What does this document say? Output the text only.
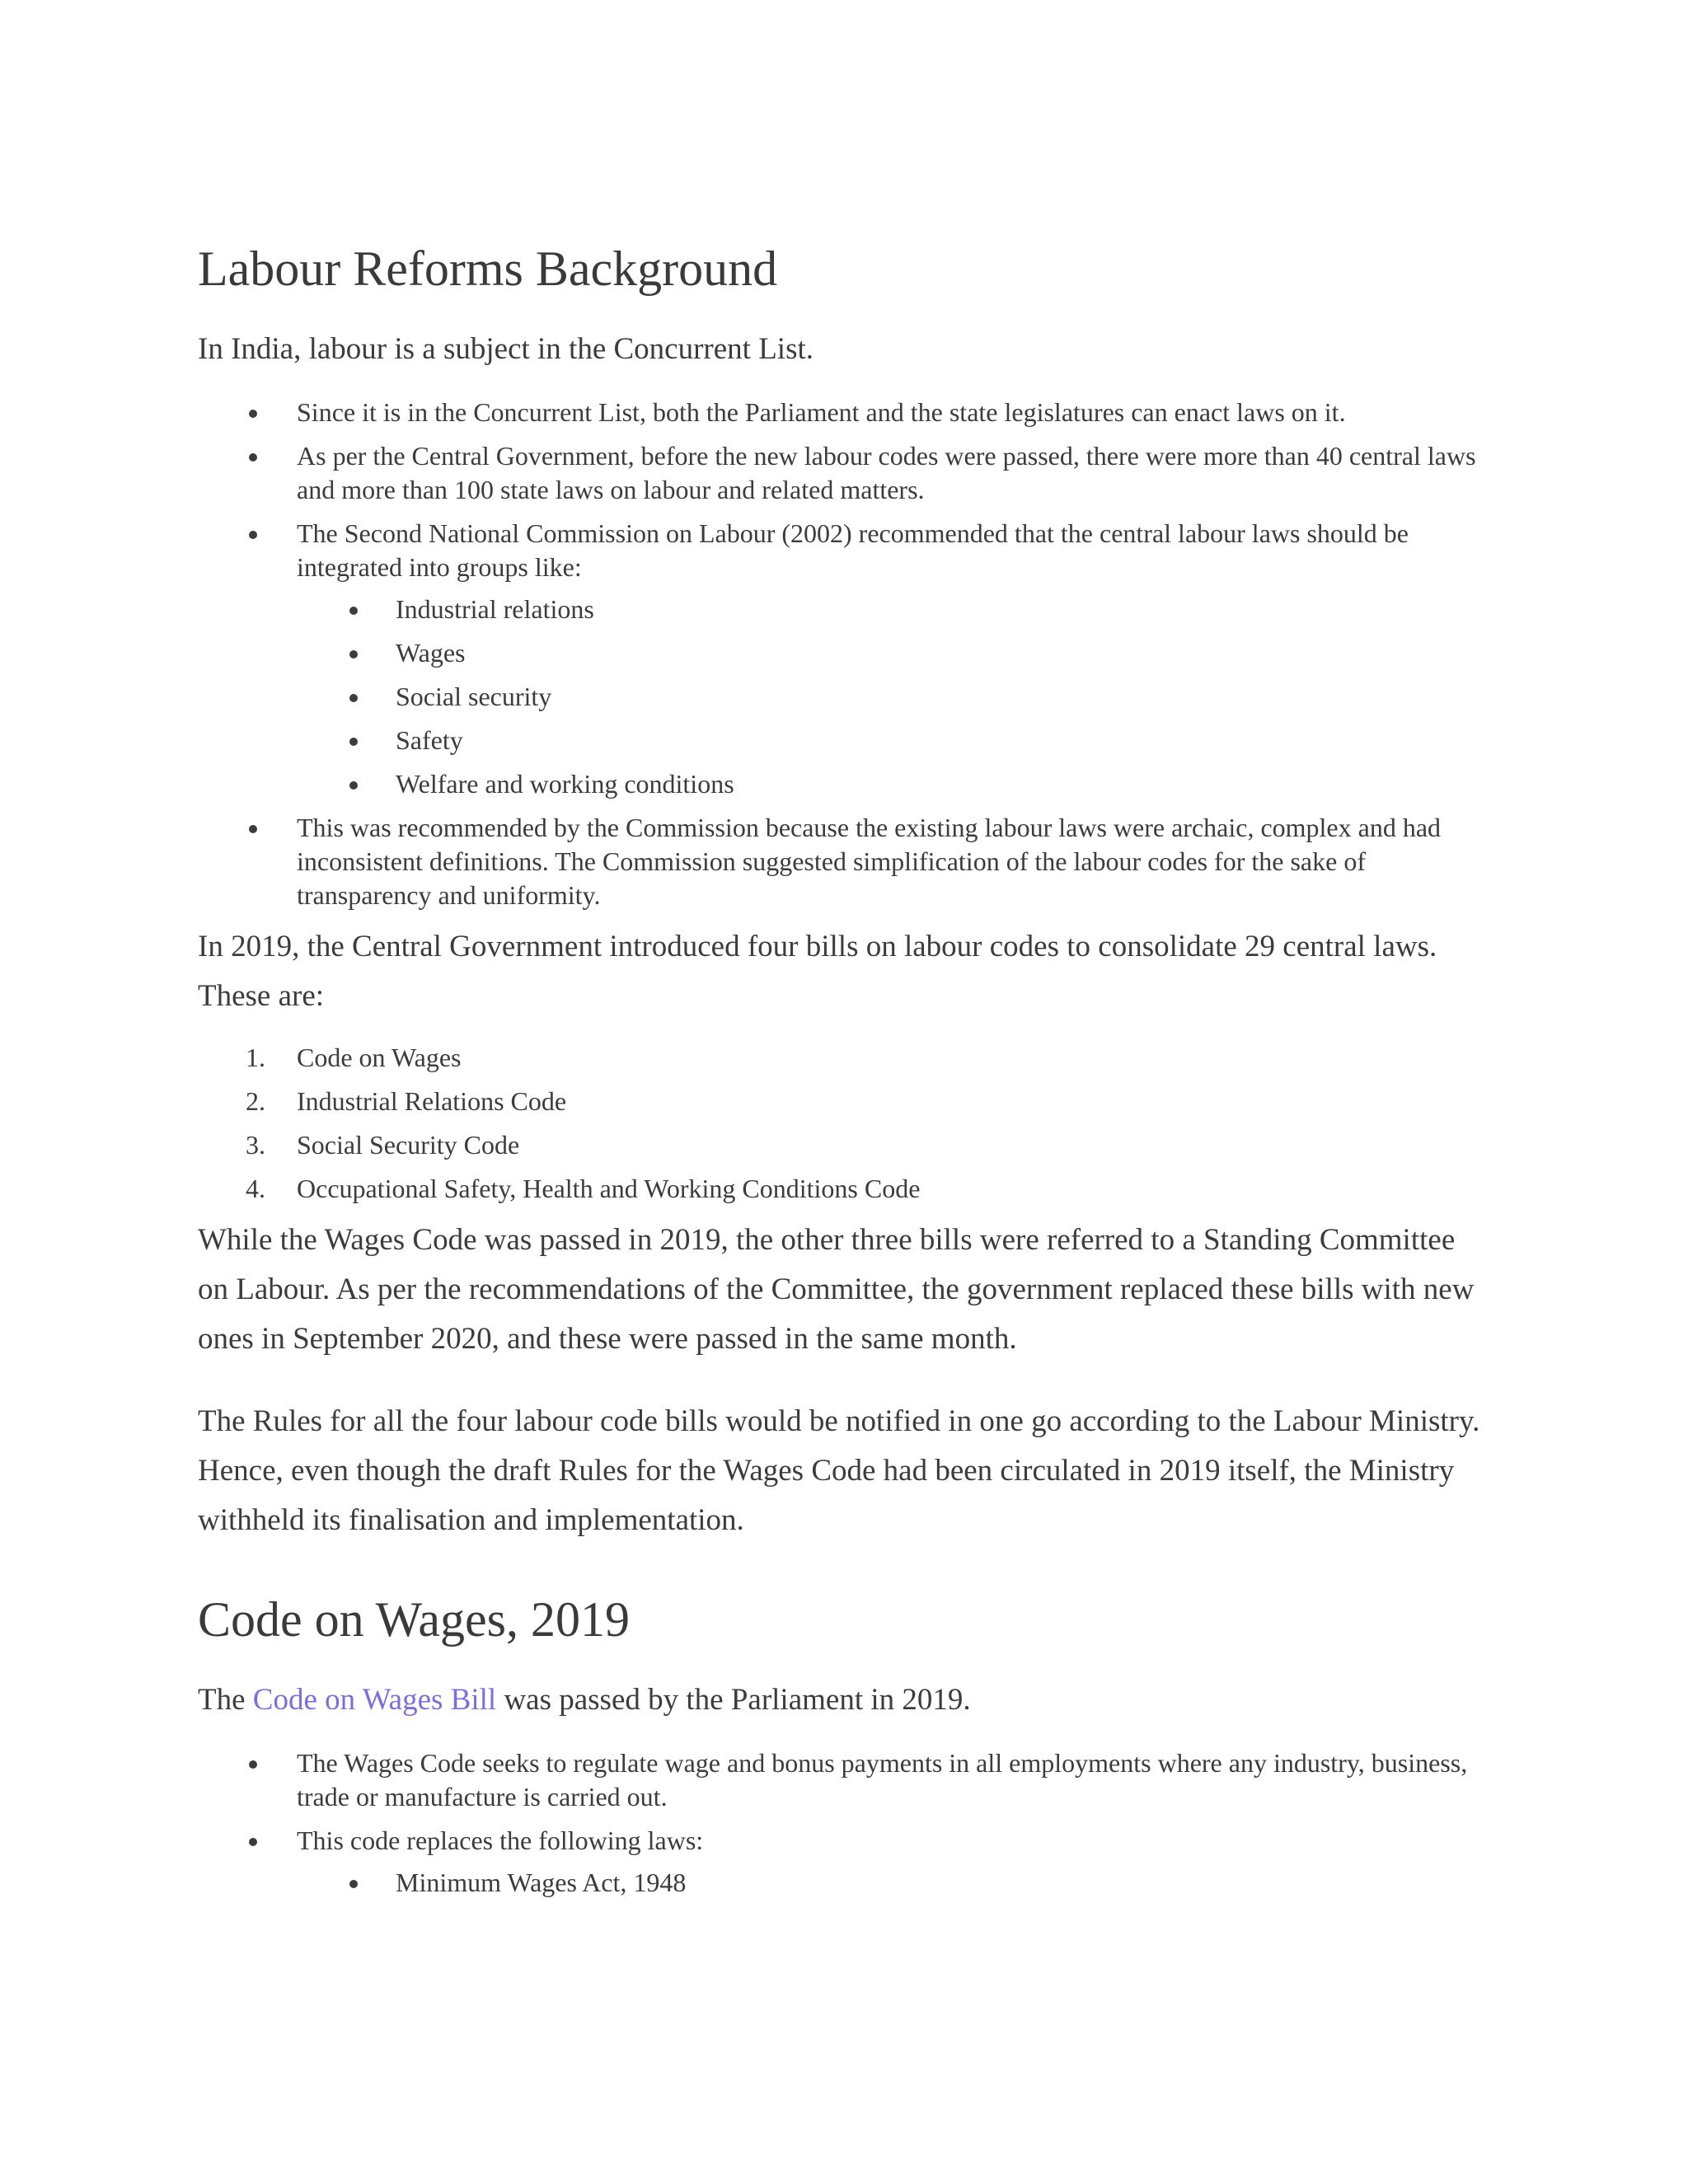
Labour Reforms Background

In India, labour is a subject in the Concurrent List.

Since it is in the Concurrent List, both the Parliament and the state legislatures can enact laws on it.
As per the Central Government, before the new labour codes were passed, there were more than 40 central laws and more than 100 state laws on labour and related matters.
The Second National Commission on Labour (2002) recommended that the central labour laws should be integrated into groups like:
Industrial relations
Wages
Social security
Safety
Welfare and working conditions
This was recommended by the Commission because the existing labour laws were archaic, complex and had inconsistent definitions. The Commission suggested simplification of the labour codes for the sake of transparency and uniformity.

In 2019, the Central Government introduced four bills on labour codes to consolidate 29 central laws. These are:

1. Code on Wages
2. Industrial Relations Code
3. Social Security Code
4. Occupational Safety, Health and Working Conditions Code

While the Wages Code was passed in 2019, the other three bills were referred to a Standing Committee on Labour. As per the recommendations of the Committee, the government replaced these bills with new ones in September 2020, and these were passed in the same month.

The Rules for all the four labour code bills would be notified in one go according to the Labour Ministry. Hence, even though the draft Rules for the Wages Code had been circulated in 2019 itself, the Ministry withheld its finalisation and implementation.

Code on Wages, 2019

The Code on Wages Bill was passed by the Parliament in 2019.

The Wages Code seeks to regulate wage and bonus payments in all employments where any industry, business, trade or manufacture is carried out.
This code replaces the following laws:
Minimum Wages Act, 1948
